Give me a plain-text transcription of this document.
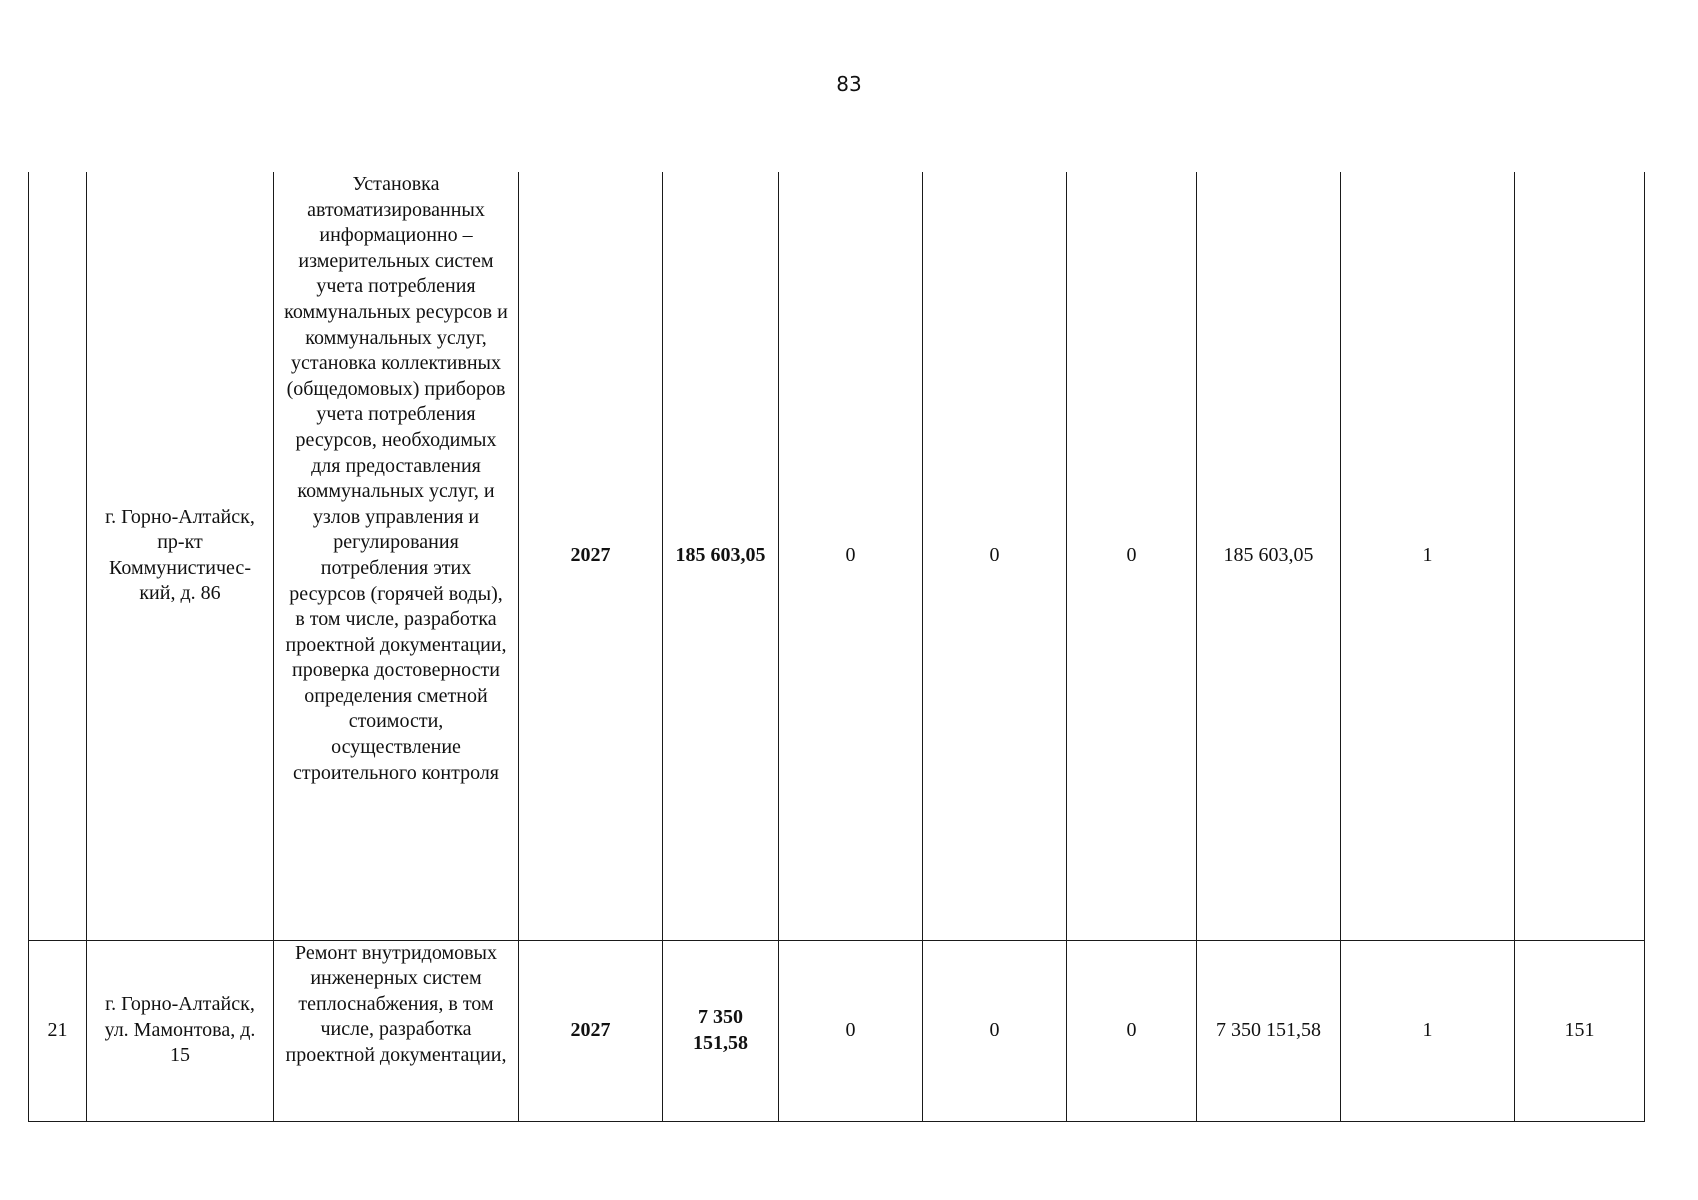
83
	г. Горно-Алтайск, пр-кт Коммунистичес-кий, д. 86	Установка автоматизированных информационно – измерительных систем учета потребления коммунальных ресурсов и коммунальных услуг, установка коллективных (общедомовых) приборов учета потребления ресурсов, необходимых для предоставления коммунальных услуг, и узлов управления и регулирования потребления этих ресурсов (горячей воды), в том числе, разработка проектной документации, проверка достоверности определения сметной стоимости, осуществление строительного контроля	2027	185 603,05	0	0	0	185 603,05	1	
21	г. Горно-Алтайск, ул. Мамонтова, д. 15	Ремонт внутридомовых инженерных систем теплоснабжения, в том числе, разработка проектной документации,	2027	7 350 151,58	0	0	0	7 350 151,58	1	151
